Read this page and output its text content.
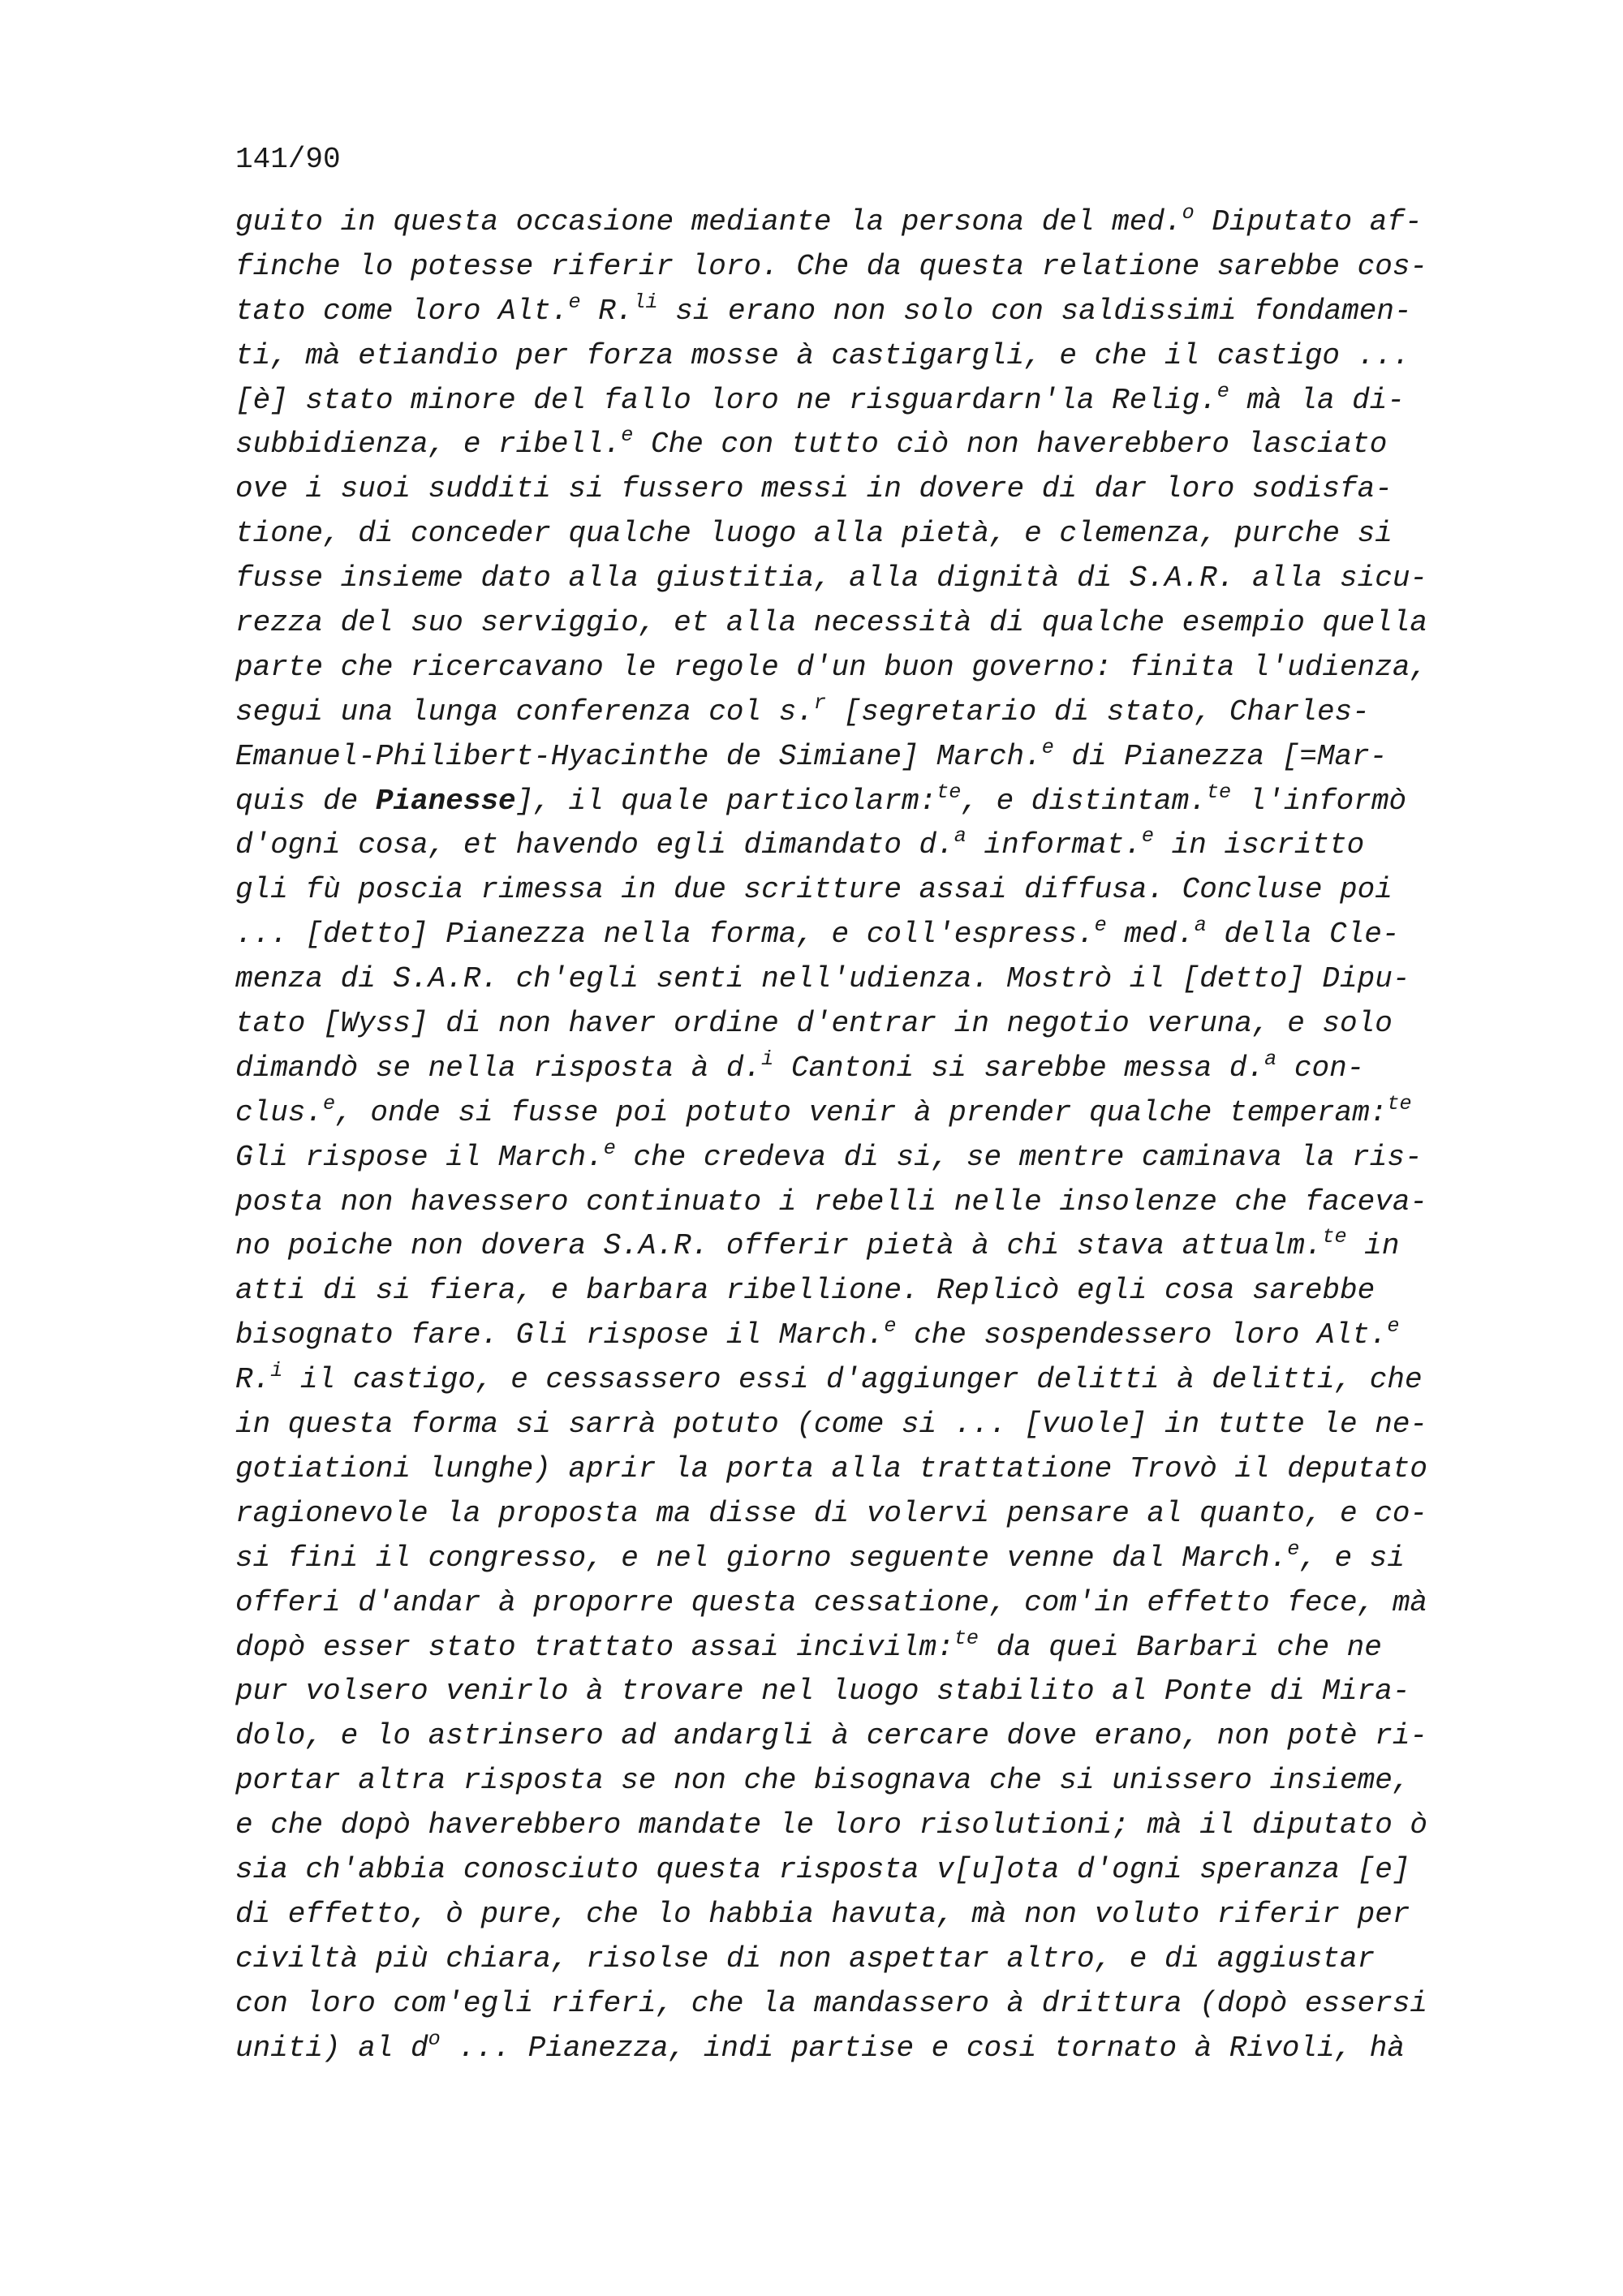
141/90
guito in questa occasione mediante la persona del med.$^o$ Diputato af-
finche lo potesse riferir loro. Che da questa relatione sarebbe cos-
tato come loro Alt.$^e$ R.$^{li}$ si erano non solo con saldissimi fondamen-
ti, mà etiandio per forza mosse à castigargli, e che il castigo ...
[è] stato minore del fallo loro ne risguardarn'la Relig.$^e$ mà la di-
subbidienza, e ribell.$^e$ Che con tutto ciò non haverebbero lasciato
ove i suoi sudditi si fussero messi in dovere di dar loro sodisfa-
tione, di conceder qualche luogo alla pietà, e clemenza, purche si
fusse insieme dato alla giustitia, alla dignità di S.A.R. alla sicu-
rezza del suo serviggio, et alla necessità di qualche esempio quella
parte che ricercavano le regole d'un buon governo: finita l'udienza,
segui una lunga conferenza col s.$^r$ [segretario di stato, Charles-
Emanuel-Philibert-Hyacinthe de Simiane] March.$^e$ di Pianezza [=Mar-
quis de Pianesse], il quale particolarm:$^{te}$, e distintam.$^{te}$ l'informò
d'ogni cosa, et havendo egli dimandato d.$^a$ informat.$^e$ in iscritto
gli fù poscia rimessa in due scritture assai diffusa. Concluse poi
... [detto] Pianezza nella forma, e coll'espress.$^e$ med.$^a$ della Cle-
menza di S.A.R. ch'egli senti nell'udienza. Mostrò il [detto] Dipu-
tato [Wyss] di non haver ordine d'entrar in negotio veruna, e solo
dimandò se nella risposta à d.$^i$ Cantoni si sarebbe messa d.$^a$ con-
clus.$^e$, onde si fusse poi potuto venir à prender qualche temperam:$^{te}$
Gli rispose il March.$^e$ che credeva di si, se mentre caminava la ris-
posta non havessero continuato i rebelli nelle insolenze che faceva-
no poiche non dovera S.A.R. offerir pietà à chi stava attualm.$^{te}$ in
atti di si fiera, e barbara ribellione. Replicò egli cosa sarebbe
bisognato fare. Gli rispose il March.$^e$ che sospendessero loro Alt.$^e$
R.$^i$ il castigo, e cessassero essi d'aggiunger delitti à delitti, che
in questa forma si sarrà potuto (come si ... [vuole] in tutte le ne-
gotiationi lunghe) aprir la porta alla trattatione Trovò il deputato
ragionevole la proposta ma disse di volervi pensare al quanto, e co-
si fini il congresso, e nel giorno seguente venne dal March.$^e$, e si
offeri d'andar à proporre questa cessatione, com'in effetto fece, mà
dopò esser stato trattato assai incivilm:$^{te}$ da quei Barbari che ne
pur volsero venirlo à trovare nel luogo stabilito al Ponte di Mira-
dolo, e lo astrinsero ad andargli à cercare dove erano, non potè ri-
portar altra risposta se non che bisognava che si unissero insieme,
e che dopò haverebbero mandate le loro risolutioni; mà il diputato ò
sia ch'abbia conosciuto questa risposta v[u]ota d'ogni speranza [e]
di effetto, ò pure, che lo habbia havuta, mà non voluto riferir per
civiltà più chiara, risolse di non aspettar altro, e di aggiustar
con loro com'egli riferi, che la mandassero à drittura (dopò essersi
uniti) al $d^o$ ... Pianezza, indi partise e cosi tornato à Rivoli, hà
